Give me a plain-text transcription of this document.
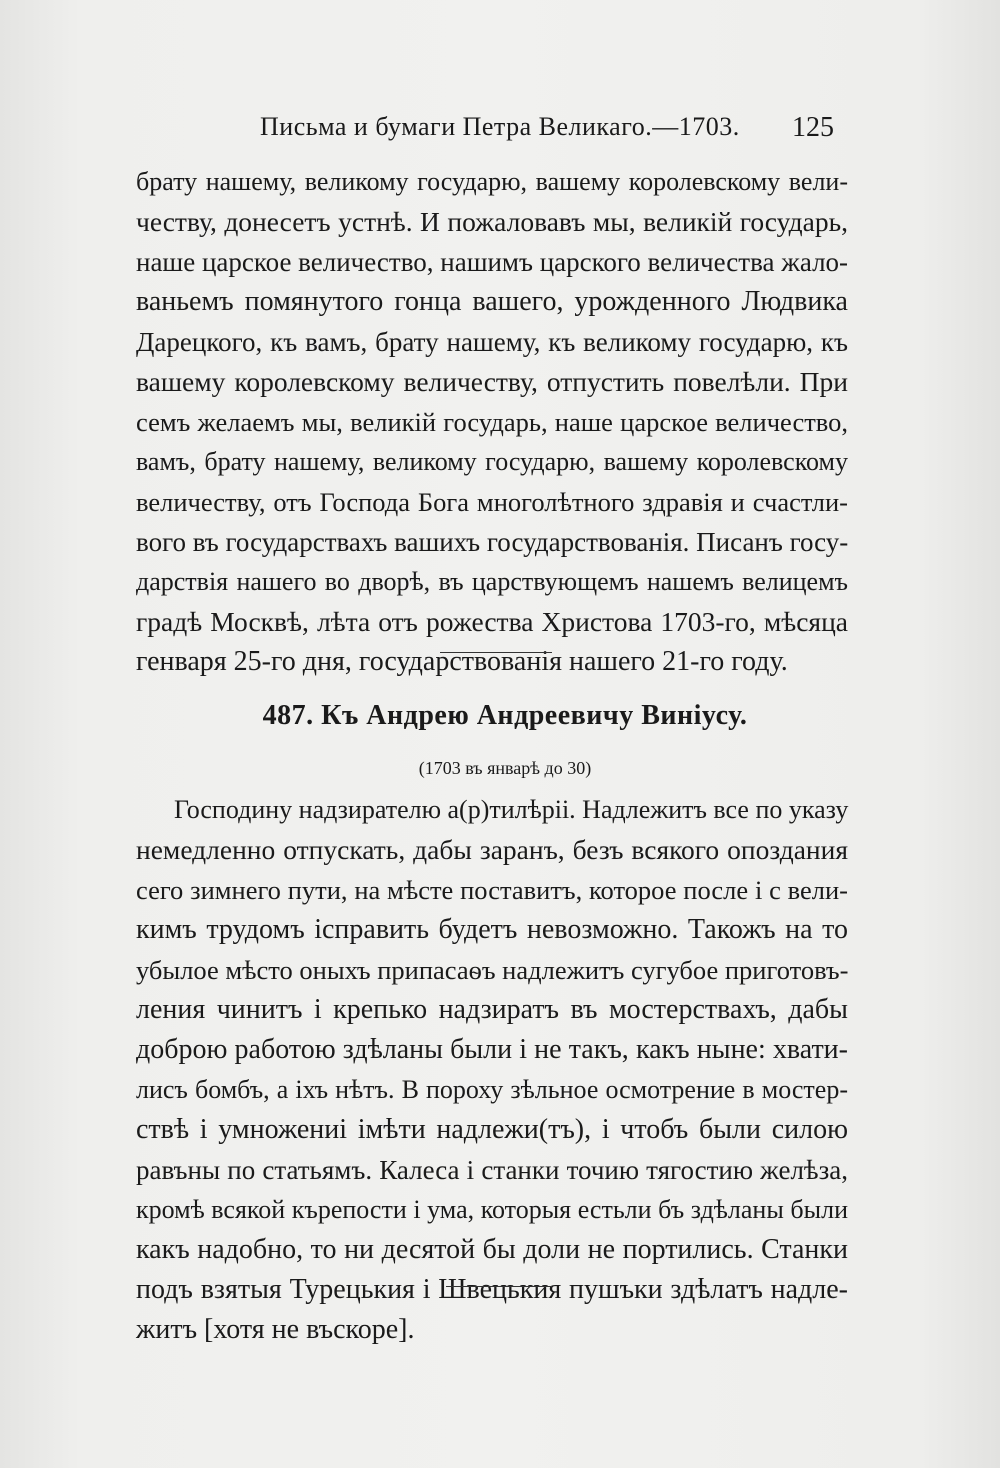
Письма и бумаги Петра Великаго.—1703. 125
брату нашему, великому государю, вашему королевскому вели-
честву, донесетъ устнѣ. И пожаловавъ мы, великій государь,
наше царское величество, нашимъ царского величества жало-
ваньемъ помянутого гонца вашего, урожденного Людвика
Дарецкого, къ вамъ, брату нашему, къ великому государю, къ
вашему королевскому величеству, отпустить повелѣли. При
семъ желаемъ мы, великій государь, наше царское величество,
вамъ, брату нашему, великому государю, вашему королевскому
величеству, отъ Господа Бога многолѣтного здравія и счастли-
вого въ государствахъ вашихъ государствованія. Писанъ госу-
дарствія нашего во дворѣ, въ царствующемъ нашемъ велицемъ
градѣ Москвѣ, лѣта отъ рожества Христова 1703-го, мѣсяца
генваря 25-го дня, государствованія нашего 21-го году.
487. Къ Андрею Андреевичу Виніусу.
(1703 въ январѣ до 30)
Господину надзирателю а(р)тилѣрii. Надлежитъ все по указу
немедленно отпускать, дабы заранъ, безъ всякого опоздания
сего зимнего пути, на мѣсте поставитъ, которое после i с вели-
кимъ трудомъ iсправить будетъ невозможно. Такожъ на то
убылое мѣсто оныхъ припасаѳъ надлежитъ сугубое приготовъ-
ления чинитъ i крепько надзиратъ въ мостерствахъ, дабы
доброю работою здѣланы были i не такъ, какъ ныне: хвати-
лисъ бомбъ, а iхъ нѣтъ. В пороху зѣльное осмотрение в мостер-
ствѣ i умножениi iмѣти надлежи(тъ), i чтобъ были силою
равъны по статьямъ. Калеса i станки точию тягостию желѣза,
кромѣ всякой кърепости i ума, которыя естьли бъ здѣланы были
какъ надобно, то ни десятой бы доли не портились. Станки
подъ взятыя Турецькия i Швецькия пушъки здѣлатъ надле-
житъ [хотя не въскоре].
